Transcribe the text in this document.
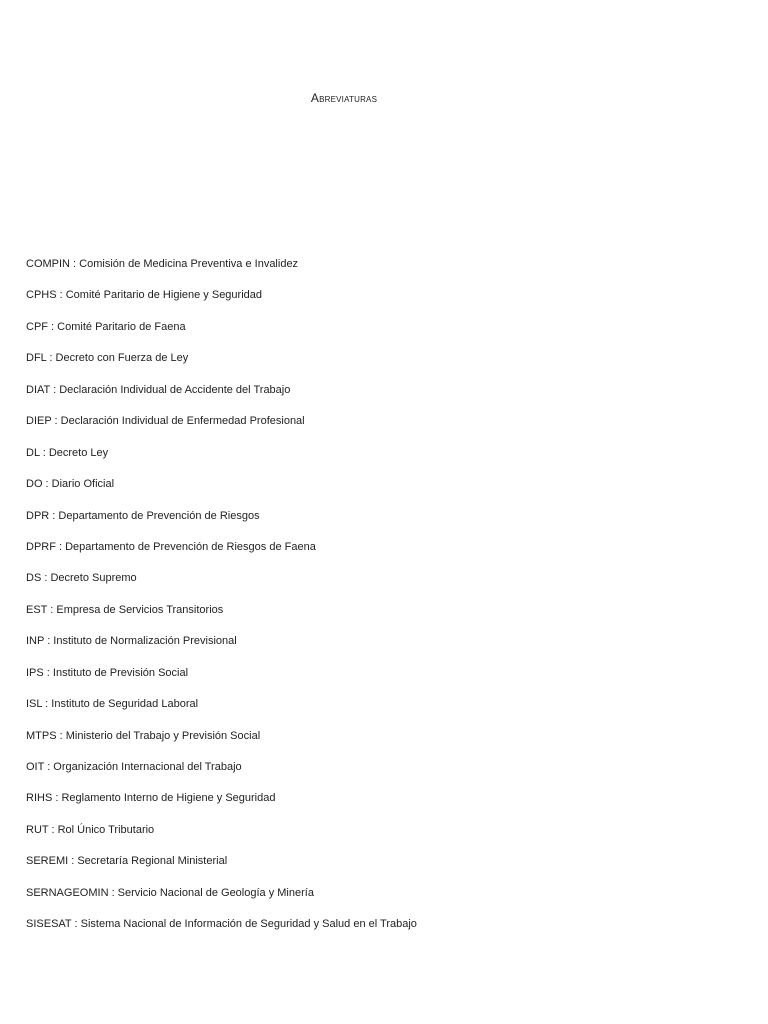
Abreviaturas
COMPIN : Comisión de Medicina Preventiva e Invalidez
CPHS : Comité Paritario de Higiene y Seguridad
CPF : Comité Paritario de Faena
DFL : Decreto con Fuerza de Ley
DIAT : Declaración Individual de Accidente del Trabajo
DIEP : Declaración Individual de Enfermedad Profesional
DL : Decreto Ley
DO : Diario Oficial
DPR : Departamento de Prevención de Riesgos
DPRF : Departamento de Prevención de Riesgos de Faena
DS : Decreto Supremo
EST : Empresa de Servicios Transitorios
INP : Instituto de Normalización Previsional
IPS : Instituto de Previsión Social
ISL : Instituto de Seguridad Laboral
MTPS : Ministerio del Trabajo y Previsión Social
OIT : Organización Internacional del Trabajo
RIHS : Reglamento Interno de Higiene y Seguridad
RUT : Rol Único Tributario
SEREMI : Secretaría Regional Ministerial
SERNAGEOMIN : Servicio Nacional de Geología y Minería
SISESAT : Sistema Nacional de Información de Seguridad y Salud en el Trabajo
